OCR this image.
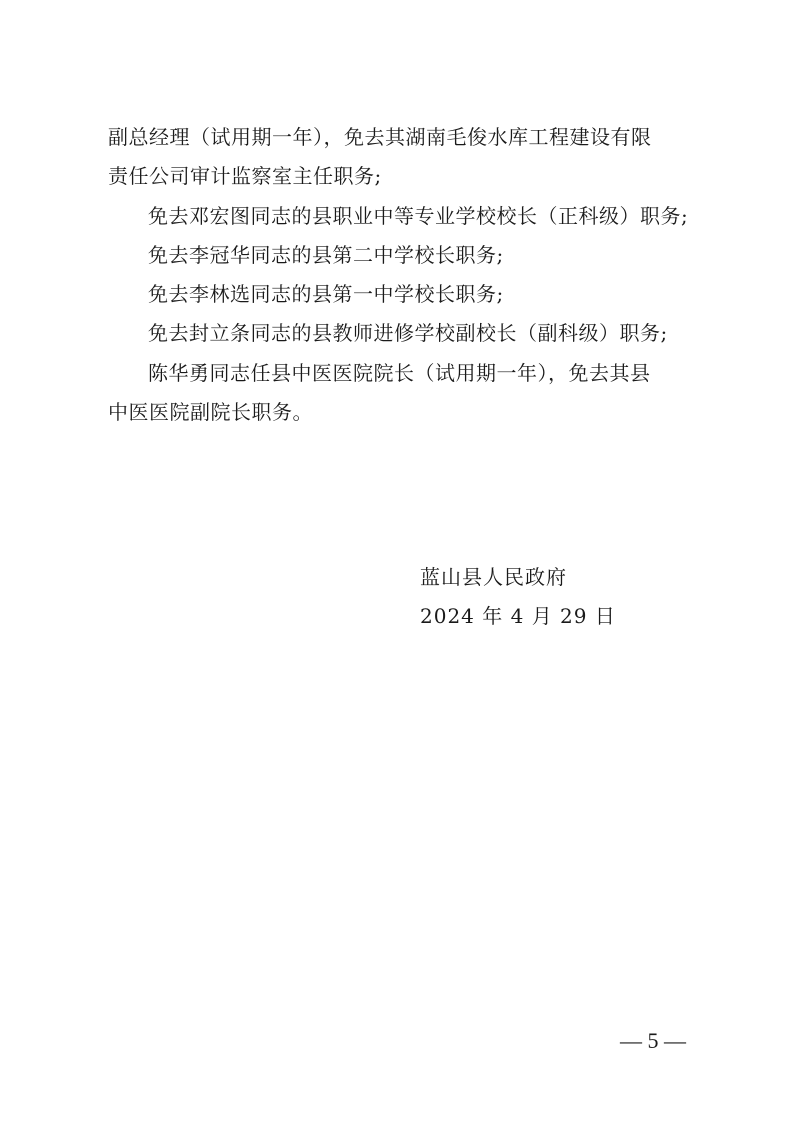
副总经理（试用期一年），免去其湖南毛俊水库工程建设有限
责任公司审计监察室主任职务;
免去邓宏图同志的县职业中等专业学校校长（正科级）职务;
免去李冠华同志的县第二中学校长职务;
免去李林选同志的县第一中学校长职务;
免去封立条同志的县教师进修学校副校长（副科级）职务;
陈华勇同志任县中医医院院长（试用期一年），免去其县
中医医院副院长职务。
蓝山县人民政府
2024 年 4 月 29 日
— 5 —
